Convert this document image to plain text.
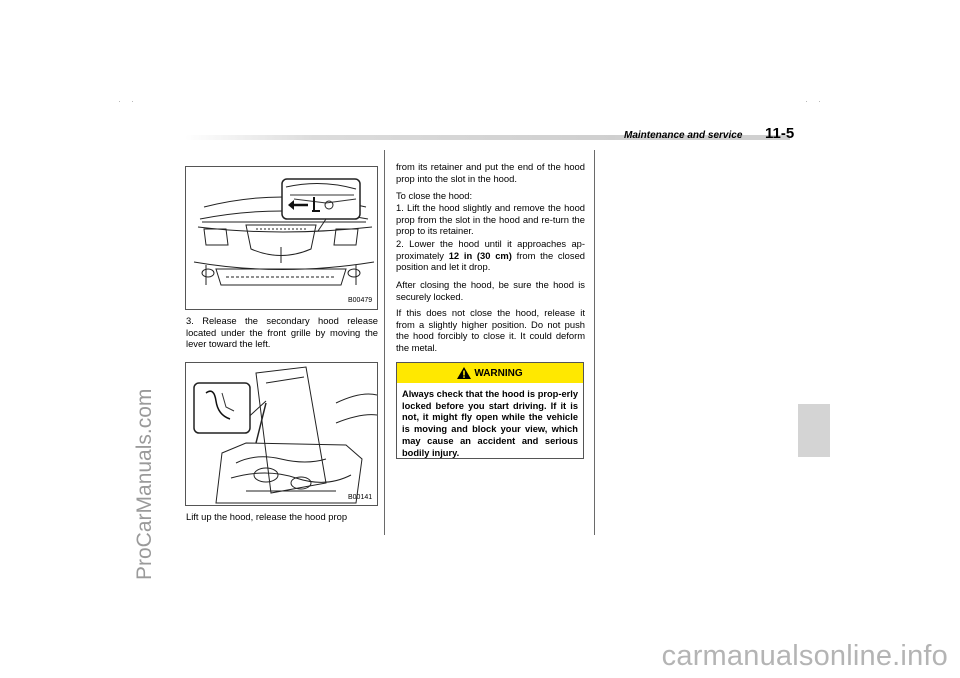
ProCarManuals.com
carmanualsonline.info
··	··
Maintenance and service 11-5
B00479
3. Release the secondary hood release located under the front grille by moving the lever toward the left.
B00141
Lift up the hood, release the hood prop
from its retainer and put the end of the hood prop into the slot in the hood.
To close the hood:
1. Lift the hood slightly and remove the hood prop from the slot in the hood and re-turn the prop to its retainer.
2. Lower the hood until it approaches ap-proximately 12 in (30 cm) from the closed position and let it drop.
After closing the hood, be sure the hood is securely locked.
If this does not close the hood, release it from a slightly higher position. Do not push the hood forcibly to close it. It could deform the metal.
WARNING
Always check that the hood is prop-erly locked before you start driving. If it is not, it might fly open while the vehicle is moving and block your view, which may cause an accident and serious bodily injury.
